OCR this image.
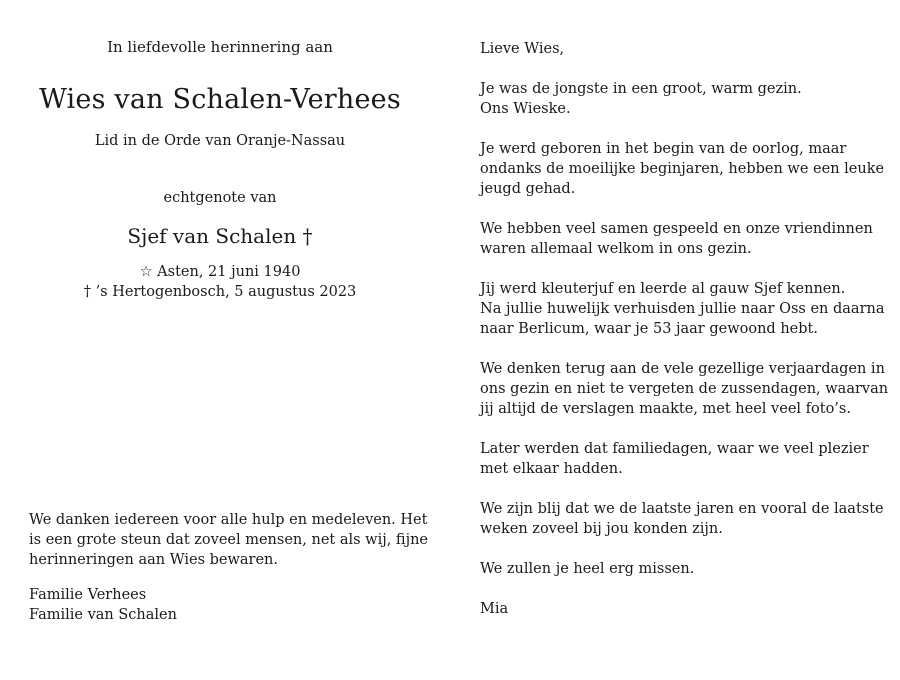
In liefdevolle herinnering aan
Wies van Schalen-Verhees
Lid in de Orde van Oranje-Nassau
echtgenote van
Sjef van Schalen †
☆ Asten, 21 juni 1940
† ’s Hertogenbosch, 5 augustus 2023
We danken iedereen voor alle hulp en medeleven. Het
is een grote steun dat zoveel mensen, net als wij, fijne
herinneringen aan Wies bewaren.
Familie Verhees
Familie van Schalen

Lieve Wies,

Je was de jongste in een groot, warm gezin.
Ons Wieske.

Je werd geboren in het begin van de oorlog, maar
ondanks de moeilijke beginjaren, hebben we een leuke
jeugd gehad.

We hebben veel samen gespeeld en onze vriendinnen
waren allemaal welkom in ons gezin.

Jij werd kleuterjuf en leerde al gauw Sjef kennen.
Na jullie huwelijk verhuisden jullie naar Oss en daarna
naar Berlicum, waar je 53 jaar gewoond hebt.

We denken terug aan de vele gezellige verjaardagen in
ons gezin en niet te vergeten de zussendagen, waarvan
jij altijd de verslagen maakte, met heel veel foto’s.

Later werden dat familiedagen, waar we veel plezier
met elkaar hadden.

We zijn blij dat we de laatste jaren en vooral de laatste
weken zoveel bij jou konden zijn.

We zullen je heel erg missen.

Mia
